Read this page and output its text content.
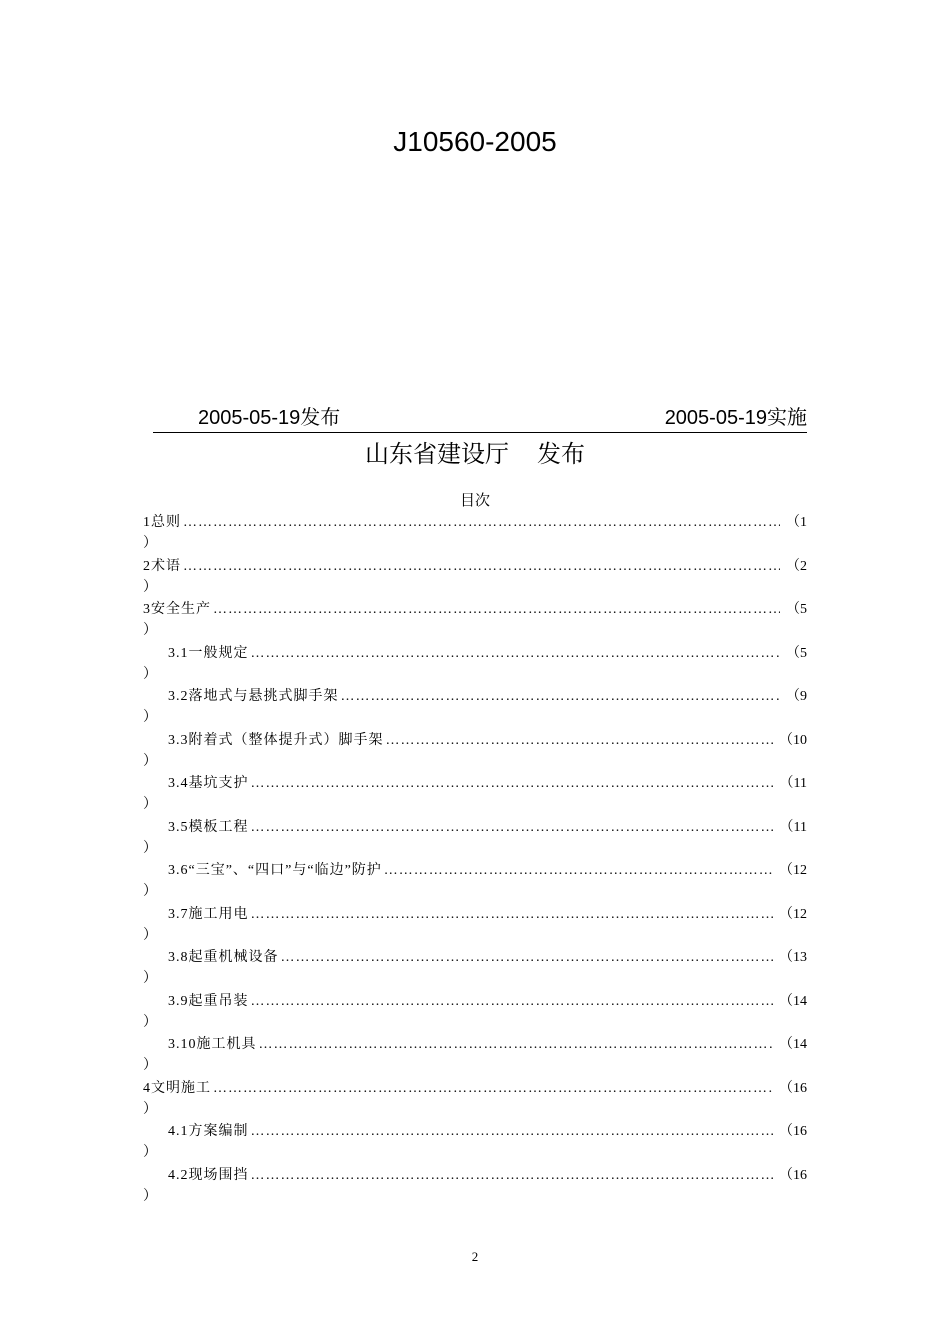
J10560-2005
2005-05-19发布	2005-05-19实施
山东省建设厅 发布
目次
1总则 ………………………………………………………………………………………………………………………………………………………………………………………	（1
）
2术语 ………………………………………………………………………………………………………………………………………………………………………………………	（2
）
3安全生产 ………………………………………………………………………………………………………………………………………………………………………………………	（5
）
3.1一般规定 ………………………………………………………………………………………………………………………………………………………………………………………	（5
）
3.2落地式与悬挑式脚手架 ………………………………………………………………………………………………………………………………………………………………………………………	（9
）
3.3附着式（整体提升式）脚手架 ………………………………………………………………………………………………………………………………………………………………………………………	（10
）
3.4基坑支护 ………………………………………………………………………………………………………………………………………………………………………………………	（11
）
3.5模板工程 ………………………………………………………………………………………………………………………………………………………………………………………	（11
）
3.6“三宝”、“四口”与“临边”防护 ………………………………………………………………………………………………………………………………………………………………………………………	（12
）
3.7施工用电 ………………………………………………………………………………………………………………………………………………………………………………………	（12
）
3.8起重机械设备 ………………………………………………………………………………………………………………………………………………………………………………………	（13
）
3.9起重吊装 ………………………………………………………………………………………………………………………………………………………………………………………	（14
）
3.10施工机具 ………………………………………………………………………………………………………………………………………………………………………………………	（14
）
4文明施工 ………………………………………………………………………………………………………………………………………………………………………………………	（16
）
4.1方案编制 ………………………………………………………………………………………………………………………………………………………………………………………	（16
）
4.2现场围挡 ………………………………………………………………………………………………………………………………………………………………………………………	（16
）
2
